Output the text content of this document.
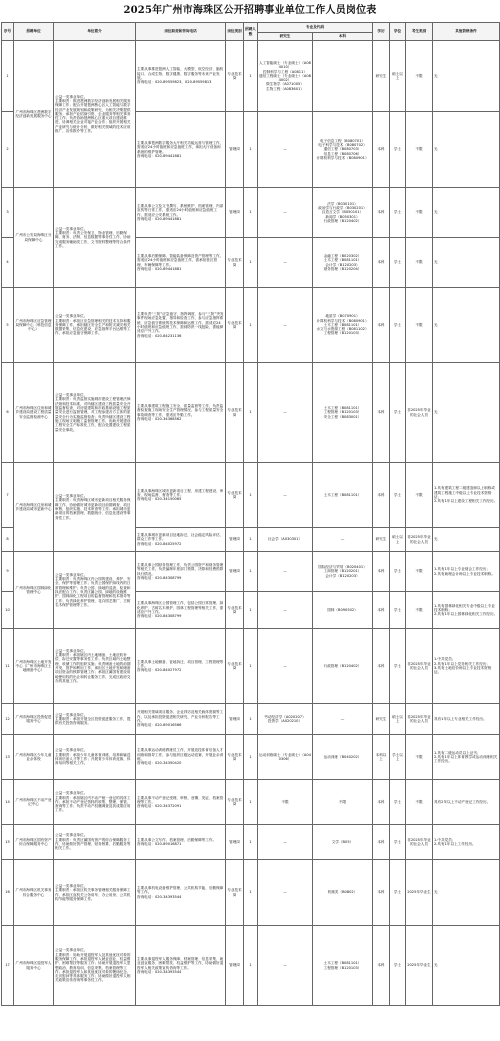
2025年广州市海珠区公开招聘事业单位工作人员岗位表
序号	招聘单位	单位简介	岗位职责和咨询电话	岗位类别	招聘人数	专业及代码		学历	学位	考生类别	其他资格条件
						研究生	本科				
1	广州市海珠区琶洲数字经济创新发展服务中心	公益一类事业单位。
主要职责：推进琶洲数字经济创新发展相关服务保障工作；配合开展琶洲核心区人工智能与数字经济产业发展规划和政策研究，为相关决策提供服务；承担产业招商引资、企业服务等相关事务性工作；负责协助琶洲核心区重大项目建设推进，协调相关企业对接产业合作；组织开展相关产业研究与统计分析，做好相关领域的技术应用推广、宣传推介等工作。	主要从事推进琶洲人工智能、大模型、低空经济、脑机接口、合成生物、数字健康、数字服务等未来产业发展。
咨询电话：020-89559823，020-89559813	专业技术岗	1	人工智能硕士（专业硕士）（A084010）
控制科学与工程（A0811）
通信工程硕士（专业硕士）（A084002）
微生物学（A071005）
生物工程（A083601）		研究生	硕士以上	不限	无
2			主要从事琶洲数字服务大厅相关功能运营与管理工作，需适应24小时值班和应急值班工作，承担大厅设备和系统的维护管理。
咨询电话：020-89441881	管理岗	1	—	电子信息工程（B080701）
电子科学与技术（B080702）
通信工程（B080703）
信息工程（B080706）
计算机科学与技术（B080901）	本科	学士	不限	无
3	广州市公安局海珠区分局保障中心	公益一类事业单位。
主要职责：负责公安保卫、物业管理、后勤保障、财务、法制、信息数据等事务性工作，协助完成服务辅助类工作，文书资料整理等符合条件工作。	主要从事公文及文书撰写、系统维护、档案管理、内部宣传等日常工作，需适应24小时值班和应急值班工作，需适应公安系统工作。
咨询电话：020-89441881	管理岗	1	—	法学（B030101）
政治学与行政学（B030201）
汉语言文学（B050101）
新闻学（B050301）
行政管理（B120402）	本科	学士	不限	无
4			主要从事后勤保障、智能装备保障及资产管理等工作，需适应24小时值班和应急值班工作，需承担营区管理、车辆保障等工作。
咨询电话：020-89441881	专业技术岗	1	—	金融工程（B020302）
土木工程（B081101）
会计学（B120203）
财务管理（B120204）	本科	学士	不限	无
5	广州市海珠区应急管理局保障中心（科技信息中心）	公益一类事业单位。
主要职责：承担区应急管理相关的技术支持和服务保障工作，承担辖区安全生产和防灾减灾相关数据采集、信息化建设、应急指挥平台运维等工作，承担应急值守保障工作。	主要负责“三防”应急值守、指挥调度、参与“三防”突发事件现场应急处置、指导和检查工作，参与应急指挥系统、应急值守系统的技术保障和运维工作，需适应24小时值班和应急值班工作，需到防汛一线抢险，需能够适应户外工作。
咨询电话：020-84231136	专业技术岗	1	—	地质学（B070901）
计算机科学与技术（B080901）
土木工程（B081101）
水文与水资源工程（B081102）
工程管理（B120103）	本科	学士	不限	无
6	广州市海珠区住房和城乡建设局建设工程质量安全监督检测中心	公益一类事业单位。
主要职责：负责监督实施城市建设工程管理法律法规和技术标准，对所辖区建设工程质量安全开展监督检查，对房屋建筑和市政基础设施工程质量安全进行监督管理，对工程参建各方主体的质量安全行为实施监督检查；负责所辖区建设工程施工现场文明施工监督管理工作，协助开展建设工程安全生产标准化工作，配合处置建设工程质量安全事故。	主要从事建筑工程施工安全、质量监督等工作，负责监督检查施工现场安全生产管理情况，参与工程质量安全事故调查等工作，需适应外勤工作。
咨询电话：020-34368562	专业技术岗	1	—	土木工程（B081101）
工程管理（B120103）
安全工程（B083001）	本科	学士	非2025年毕业的社会人员	无
7	广州市海珠区住房和城乡建设局城市更新中心	公益一类事业单位。
主要职责：负责海珠区城市更新项目相关服务保障工作，协助做好城市更新项目前期调查、项目审核、组织实施、技术审查等工作；承担城市更新项目的档案管理、数据统计、信息化建设等事务性工作。	主要从事海珠区城市更新项目工程、房建工程建设、审查、现场监督、督查等工作。
咨询电话：020-34150065	专业技术岗	1	—	土木工程（B081101）	本科	学士	不限	1.具有建筑工程二级建造师以上职称或建筑工程施工中级以上专业技术资格证；
2.具有1年以上建设工程相关工作经历。
8			主要从事城市更新项目征地拆迁、社会稳定风险评估、群众工作等工作。
咨询电话：020-84025972	管理岗	1	社会学（A030301）	—	研究生	硕士以上	非2025年毕业的社会人员	无
9	广州市海珠区园林绿化管理中心	公益一类事业单位。
主要职责：负责海珠区内公园的建设、养护、安全、保护等管理工作；负责公园保护绿线内的日常管理和维护；负责公园、绿地的巡查、检查和执法配合工作；负责区属公园、绿地的设施维护、园林绿化工程项目的监督管理和技术指导等工作；负责绿化养护管理、花卉园艺推广、古树名木保护管理等工作。	主要从事公园财务管理工作，负责公园资产和财务管理等相关工作，负责编制年度部门预算、决算和经费预算执行情况。
咨询电话：020-84308799	管理岗	1	—	国际经济与贸易（B020401）
工商管理（B120201）
会计学（B120203）	本科	学士	不限	1.具有1年以上专业财会工作经历；
2.具有助理会计师以上专业技术职称。
10			主要从事海珠区公园管理工作，包括公园日常管理、绿化养护、古树名木保护、园林工程管理等相关工作，需适应户外工作。
咨询电话：020-84308799	专业技术岗	1	—	园林（B090502）	本科	学士	不限	1.具有园林绿化相关专业中级以上专业技术职称；
2.具有1年以上园林绿化相关工作经历。
11	广州市海珠区土地开发中心（广州市海珠区土地储备中心）	公益一类事业单位。
主要职责：承担辖区内土地储备、土地征收补偿、拆迁安置等事务性工作；负责区域内土地整理、收储工作的组织实施；负责储备土地的前期开发、管护和利用工作；承担区土地开发和储备项目资金的核算管理工作；承担区属国有建设用地使用权的出让和转让服务工作，完成区政府交办的其他工作。	主要从事土地储备、征地拆迁、项目管理、工程管理等工作。
咨询电话：020-84027972	专业技术岗	1	—	行政管理（B120402）	本科	学士	非2025年毕业的社会人员	1.中共党员；
2.具有1年以上党务相关工作经历；
3.具有土地估价师以上专业技术资格证。
12	广州市海珠区投资促进服务中心	公益一类事业单位。
主要职责：承担开展全区投资促进服务工作，提供有关投资咨询服务。	开展相关领域项目服务、企业拜访及相关载体资源等工作，以及承担投资促进相关研究、产业分析报告等工作。
咨询电话：020-89016566	管理岗	1	劳动经济学（A020207）
投资学（A020210）	—	研究生	硕士以上	非2025年毕业的社会人员	具有1年以上专业相关工作经历。
13	广州市海珠区少年儿童业余体校	公益一类事业单位。
主要职责：承担少年儿童体育训练、培养和输送体育后备人才等工作；开展青少年体育竞赛、体育培训等相关工作。	主要从事运动训练教练员工作，开展竞技体育后备人才训练和指导工作，参与组织区级运动竞赛，开展业余训练。
咨询电话：020-34350420	专业技术岗	1	运动训练硕士（专业硕士）（A040306）	运动训练（B040202）	本科以上	学士以上	不限	1.具有二级运动员以上证书；
2.具有1年以上体育教学或运动训练相关工作经历。
14	广州市海珠区不动产登记中心	公益一类事业单位。
主要职责：承担辖区内不动产统一登记的具体工作；承担不动产登记资料的收集、整理、保管、查询等工作；负责不动产权籍调查及其成果应用工作。	主要从事不动产登记受理、审核、登簿、发证、档案管理等工作。
咨询电话：020-34372091	专业技术岗	1	不限	不限	本科	学士	不限	具有2年以上不动产登记工作经历。
15	广州市海珠区国有资产综合保障服务中心	公益一类事业单位。
主要职责：负责区属国有资产的综合保障服务工作，协助做好资产管理、财务核算、后勤服务等相关工作。	主要从事公文写作、档案管理、后勤保障等工作。
咨询电话：020-89016871	管理岗	1	—	文学（B05）	本科	学士	非2025年毕业的社会人员	1.中共党员；
2.具有1年以上工作经历。
16	广州市海珠区机关事务综合服务中心	公益一类事业单位。
主要职责：承担区机关事务管理相关服务保障工作，承担区直机关公务用车、办公用房、公共机构节能等服务保障工作。	主要从事机电设备维护管理、公共机构节能、后勤保障等工作。
咨询电话：020-34393544	专业技术岗	1	—	机械类（B0802）	本科	学士	2025年毕业生	无
17	广州市海珠区退役军人服务中心	公益一类事业单位。
主要职责：协助开展退役军人及其他优抚对象的服务保障工作，承担退役军人就业创业、权益维护、困难帮扶等服务工作；协助开展退役军人思想政治、教育培训、信息采集、档案管理等工作；承担退役军人和其他优抚对象的褒扬纪念、走访慰问等具体服务工作；协助做好退役军人相关政策宣传咨询等事务性工作。	主要从事退役军人服务保障、档案管理、信息采集、就业创业服务、困难帮扶、权益维护等工作，协助做好退役军人相关政策宣传咨询等工作。
咨询电话：020-34393544	管理岗	1	—	土木工程（B081101）
工程管理（B120103）	本科	学士	2025年毕业生	无
